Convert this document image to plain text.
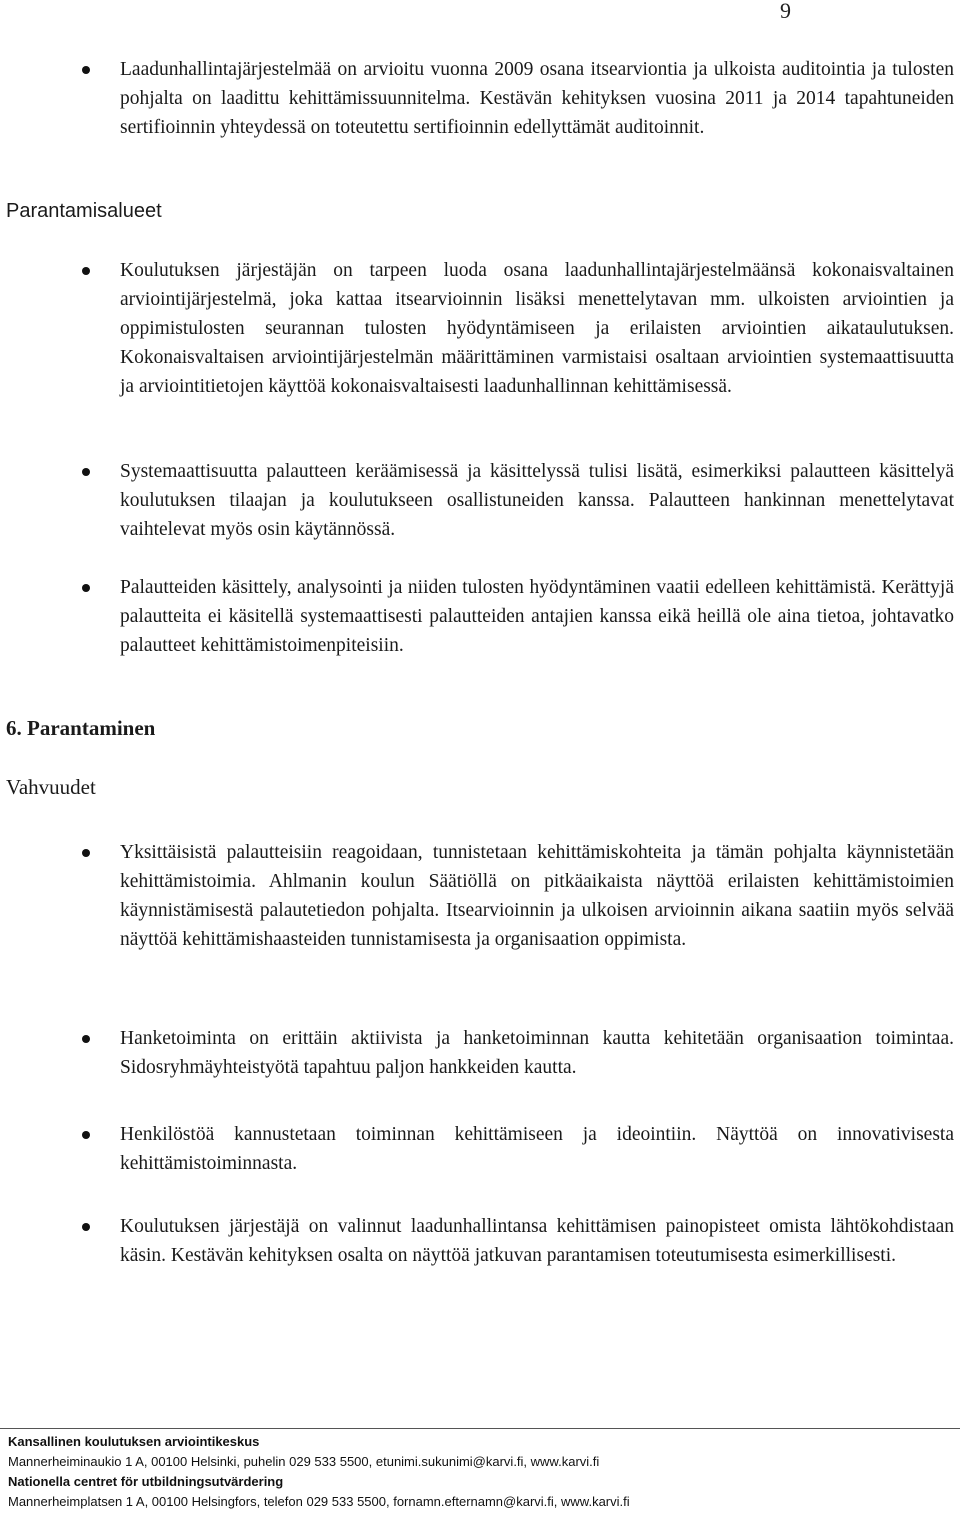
9
Laadunhallintajärjestelmää on arvioitu vuonna 2009 osana itsearviontia ja ulkoista auditointia ja tulosten pohjalta on laadittu kehittämissuunnitelma. Kestävän kehityksen vuosina 2011 ja 2014 tapahtuneiden sertifioinnin yhteydessä on toteutettu sertifioinnin edellyttämät auditoinnit.
Parantamisalueet
Koulutuksen järjestäjän on tarpeen luoda osana laadunhallintajärjestelmäänsä kokonaisvaltainen arviointijärjestelmä, joka kattaa itsearvioinnin lisäksi menettelytavan mm. ulkoisten arviointien ja oppimistulosten seurannan tulosten hyödyntämiseen ja erilaisten arviointien aikataulutuksen. Kokonaisvaltaisen arviointijärjestelmän määrittäminen varmistaisi osaltaan arviointien systemaattisuutta ja arviointitietojen käyttöä kokonaisvaltaisesti laadunhallinnan kehittämisessä.
Systemaattisuutta palautteen keräämisessä ja käsittelyssä tulisi lisätä, esimerkiksi palautteen käsittelyä koulutuksen tilaajan ja koulutukseen osallistuneiden kanssa. Palautteen hankinnan menettelytavat vaihtelevat myös osin käytännössä.
Palautteiden käsittely, analysointi ja niiden tulosten hyödyntäminen vaatii edelleen kehittämistä. Kerättyjä palautteita ei käsitellä systemaattisesti palautteiden antajien kanssa eikä heillä ole aina tietoa, johtavatko palautteet kehittämistoimenpiteisiin.
6. Parantaminen
Vahvuudet
Yksittäisistä palautteisiin reagoidaan, tunnistetaan kehittämiskohteita ja tämän pohjalta käynnistetään kehittämistoimia. Ahlmanin koulun Säätiöllä on pitkäaikaista näyttöä erilaisten kehittämistoimien käynnistämisestä palautetiedon pohjalta. Itsearvioinnin ja ulkoisen arvioinnin aikana saatiin myös selvää näyttöä kehittämishaasteiden tunnistamisesta ja organisaation oppimista.
Hanketoiminta on erittäin aktiivista ja hanketoiminnan kautta kehitetään organisaation toimintaa. Sidosryhmäyhteistyötä tapahtuu paljon hankkeiden kautta.
Henkilöstöä kannustetaan toiminnan kehittämiseen ja ideointiin. Näyttöä on innovativisesta kehittämistoiminnasta.
Koulutuksen järjestäjä on valinnut laadunhallintansa kehittämisen painopisteet omista lähtökohdistaan käsin. Kestävän kehityksen osalta on näyttöä jatkuvan parantamisen toteutumisesta esimerkillisesti.
Kansallinen koulutuksen arviointikeskus
Mannerheiminaukio 1 A, 00100 Helsinki, puhelin 029 533 5500, etunimi.sukunimi@karvi.fi, www.karvi.fi
Nationella centret för utbildningsutvärdering
Mannerheimplatsen 1 A, 00100 Helsingfors, telefon 029 533 5500, fornamn.efternamn@karvi.fi, www.karvi.fi
